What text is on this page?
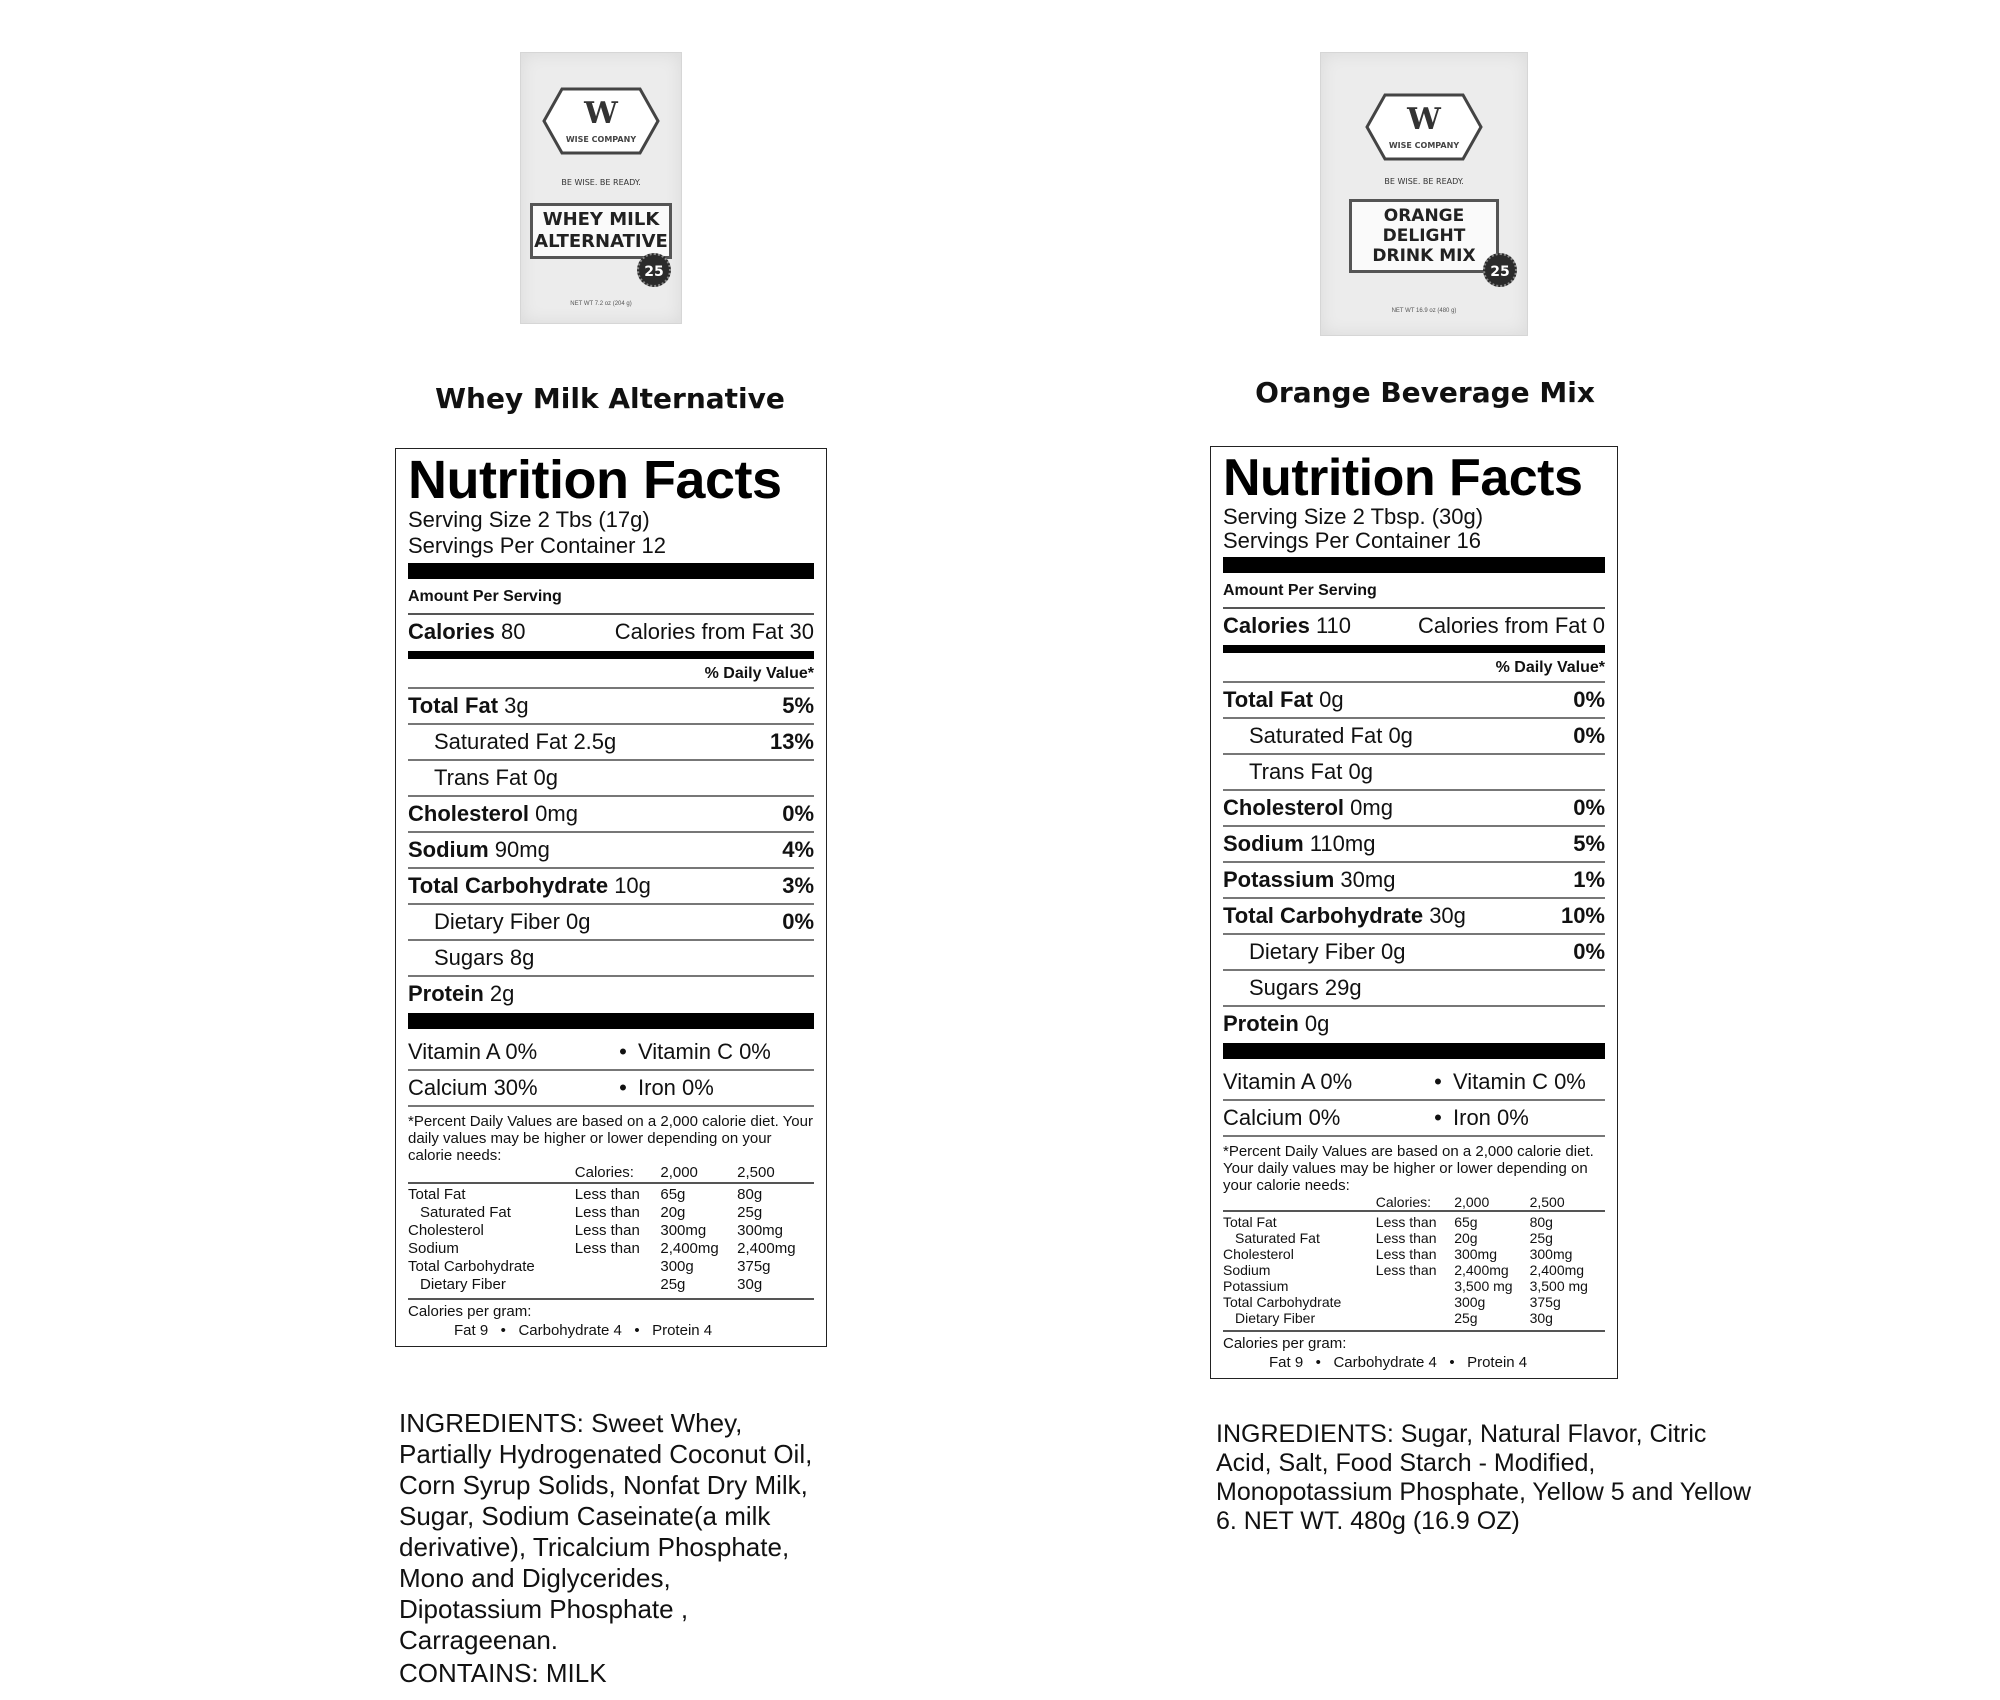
W
WISE COMPANY
BE WISE. BE READY.
WHEY MILK
ALTERNATIVE
25
NET WT 7.2 oz (204 g)
Whey Milk Alternative
Nutrition Facts
Serving Size 2 Tbs (17g)
Servings Per Container 12
Amount Per Serving
Calories 80	Calories from Fat 30
% Daily Value*
Total Fat 3g	5%
Saturated Fat 2.5g	13%
Trans Fat 0g
Cholesterol 0mg	0%
Sodium 90mg	4%
Total Carbohydrate 10g	3%
Dietary Fiber 0g	0%
Sugars 8g
Protein 2g
Vitamin A 0%	• Vitamin C 0%
Calcium 30%	• Iron 0%
*Percent Daily Values are based on a 2,000 calorie diet. Your daily values may be higher or lower depending on your calorie needs:
	Calories:	2,000	2,500
Total Fat	Less than	65g	80g
Saturated Fat	Less than	20g	25g
Cholesterol	Less than	300mg	300mg
Sodium	Less than	2,400mg	2,400mg
Total Carbohydrate		300g	375g
Dietary Fiber		25g	30g
Calories per gram:
Fat 9   •   Carbohydrate 4   •   Protein 4
INGREDIENTS: Sweet Whey, Partially Hydrogenated Coconut Oil, Corn Syrup Solids, Nonfat Dry Milk, Sugar, Sodium Caseinate(a milk derivative), Tricalcium Phosphate, Mono and Diglycerides, Dipotassium Phosphate , Carrageenan.
CONTAINS: MILK
W
WISE COMPANY
BE WISE. BE READY.
ORANGE
DELIGHT
DRINK MIX
25
NET WT 16.9 oz (480 g)
Orange Beverage Mix
Nutrition Facts
Serving Size 2 Tbsp. (30g)
Servings Per Container 16
Amount Per Serving
Calories 110	Calories from Fat 0
% Daily Value*
Total Fat 0g	0%
Saturated Fat 0g	0%
Trans Fat 0g
Cholesterol 0mg	0%
Sodium 110mg	5%
Potassium 30mg	1%
Total Carbohydrate 30g	10%
Dietary Fiber 0g	0%
Sugars 29g
Protein 0g
Vitamin A 0%	• Vitamin C 0%
Calcium 0%	• Iron 0%
*Percent Daily Values are based on a 2,000 calorie diet. Your daily values may be higher or lower depending on your calorie needs:
	Calories:	2,000	2,500
Total Fat	Less than	65g	80g
Saturated Fat	Less than	20g	25g
Cholesterol	Less than	300mg	300mg
Sodium	Less than	2,400mg	2,400mg
Potassium		3,500 mg	3,500 mg
Total Carbohydrate		300g	375g
Dietary Fiber		25g	30g
Calories per gram:
Fat 9   •   Carbohydrate 4   •   Protein 4
INGREDIENTS: Sugar, Natural Flavor, Citric Acid, Salt, Food Starch - Modified, Monopotassium Phosphate, Yellow 5 and Yellow 6. NET WT. 480g (16.9 OZ)
